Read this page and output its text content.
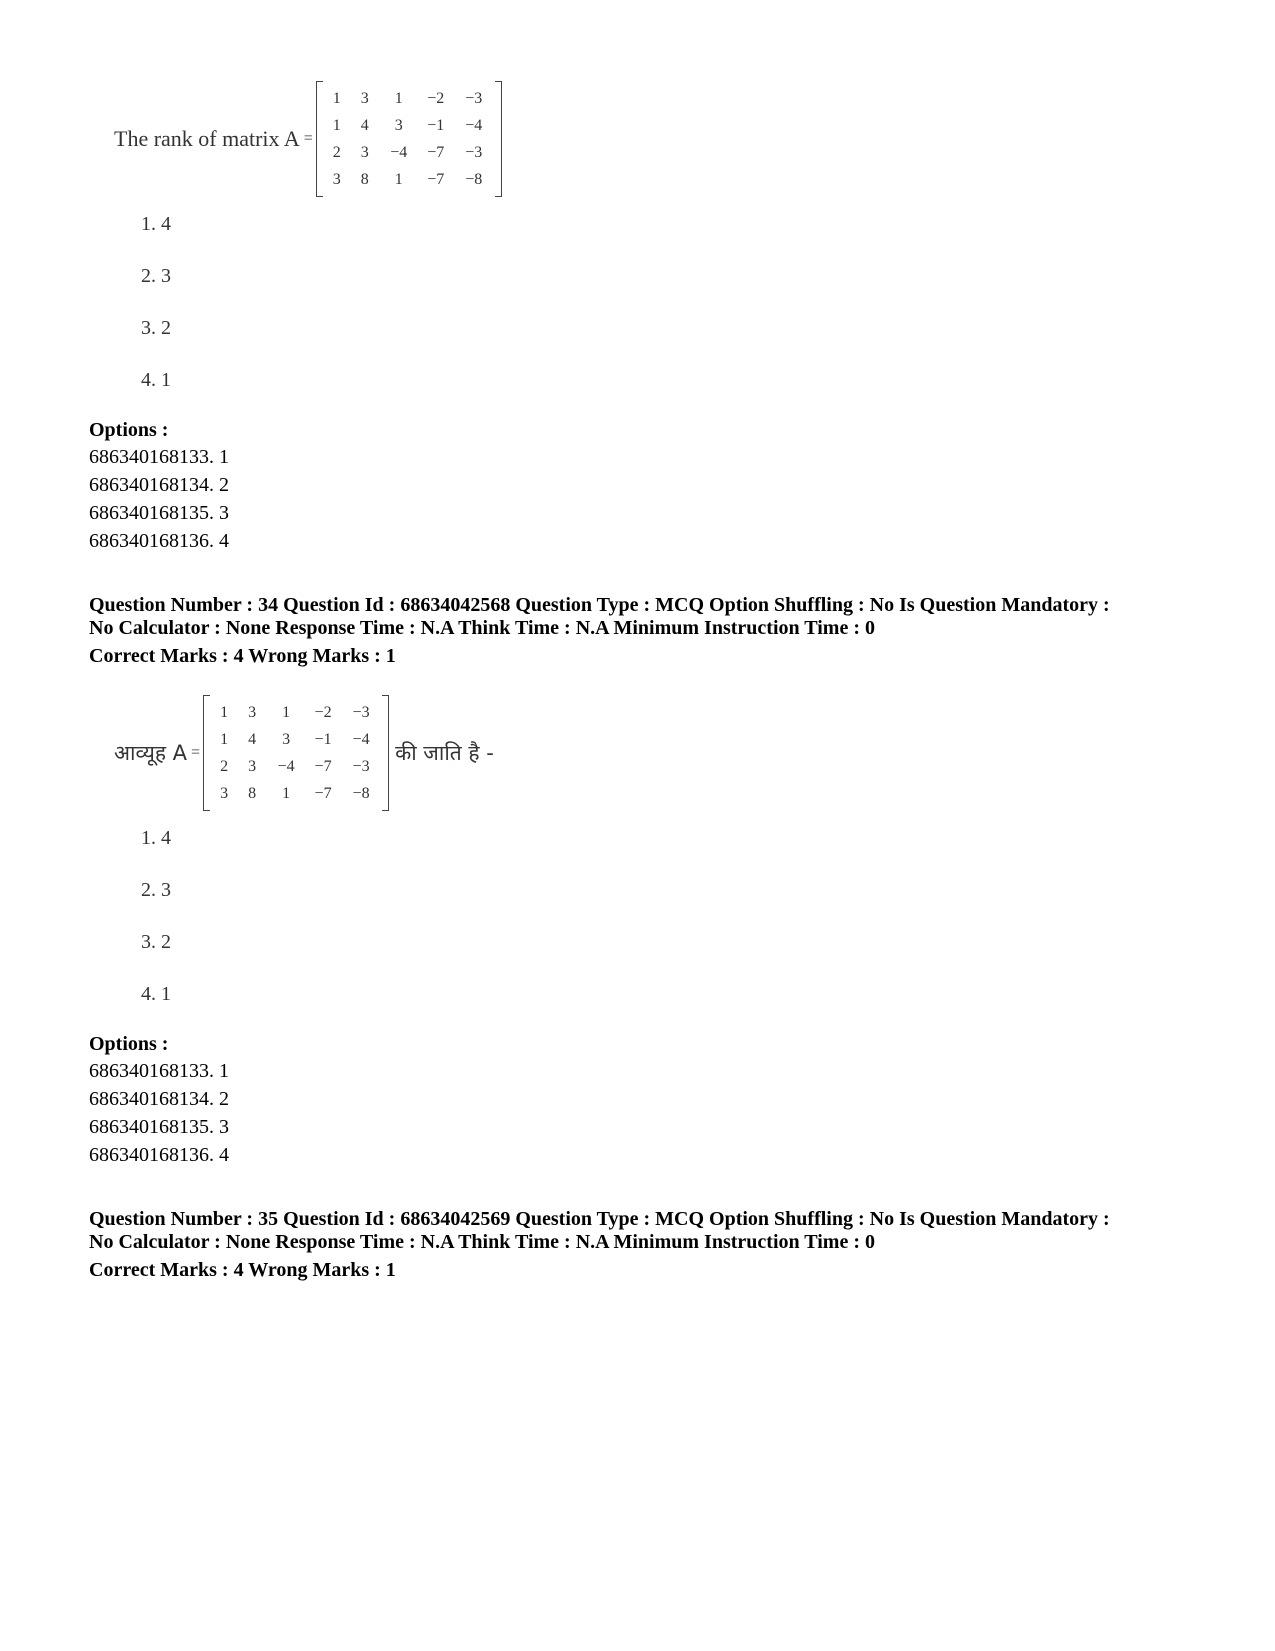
The rank of matrix A =
1	3	1	−2	−3
1	4	3	−1	−4
2	3	−4	−7	−3
3	8	1	−7	−8
1. 4
2. 3
3. 2
4. 1
Options :
686340168133. 1
686340168134. 2
686340168135. 3
686340168136. 4
Question Number : 34 Question Id : 68634042568 Question Type : MCQ Option Shuffling : No Is Question Mandatory :
No Calculator : None Response Time : N.A Think Time : N.A Minimum Instruction Time : 0
Correct Marks : 4 Wrong Marks : 1
आव्यूह A =
1	3	1	−2	−3
1	4	3	−1	−4
2	3	−4	−7	−3
3	8	1	−7	−8
की जाति है -
1. 4
2. 3
3. 2
4. 1
Options :
686340168133. 1
686340168134. 2
686340168135. 3
686340168136. 4
Question Number : 35 Question Id : 68634042569 Question Type : MCQ Option Shuffling : No Is Question Mandatory :
No Calculator : None Response Time : N.A Think Time : N.A Minimum Instruction Time : 0
Correct Marks : 4 Wrong Marks : 1
